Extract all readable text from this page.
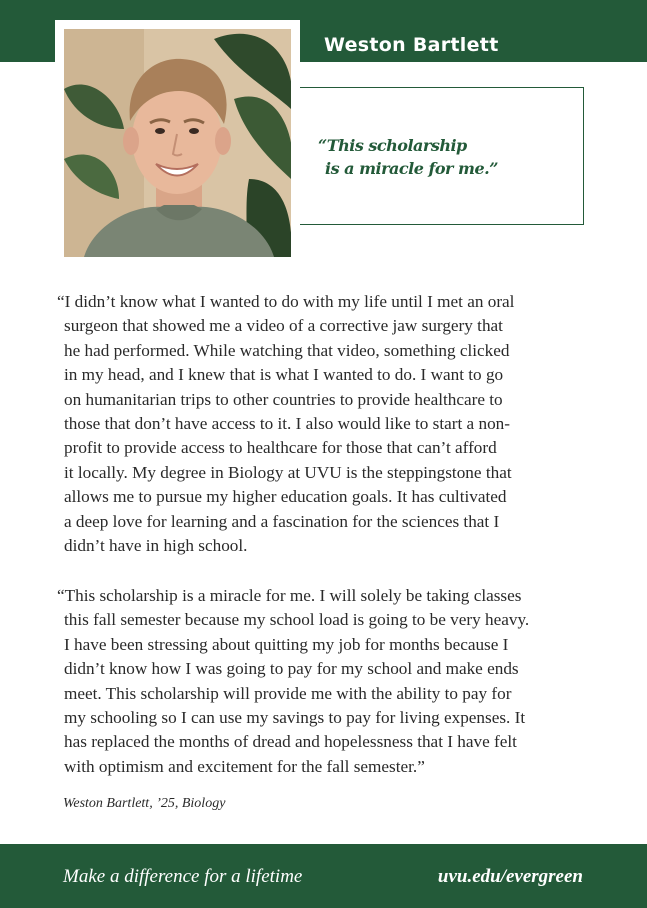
Weston Bartlett
“This scholarship
is a miracle for me.”
“I didn’t know what I wanted to do with my life until I met an oral
surgeon that showed me a video of a corrective jaw surgery that
he had performed. While watching that video, something clicked
in my head, and I knew that is what I wanted to do. I want to go
on humanitarian trips to other countries to provide healthcare to
those that don’t have access to it. I also would like to start a non-
profit to provide access to healthcare for those that can’t afford
it locally. My degree in Biology at UVU is the steppingstone that
allows me to pursue my higher education goals. It has cultivated
a deep love for learning and a fascination for the sciences that I
didn’t have in high school.
“This scholarship is a miracle for me. I will solely be taking classes
this fall semester because my school load is going to be very heavy.
I have been stressing about quitting my job for months because I
didn’t know how I was going to pay for my school and make ends
meet. This scholarship will provide me with the ability to pay for
my schooling so I can use my savings to pay for living expenses. It
has replaced the months of dread and hopelessness that I have felt
with optimism and excitement for the fall semester.”
Weston Bartlett, ’25, Biology
Make a difference for a lifetime	uvu.edu/evergreen
